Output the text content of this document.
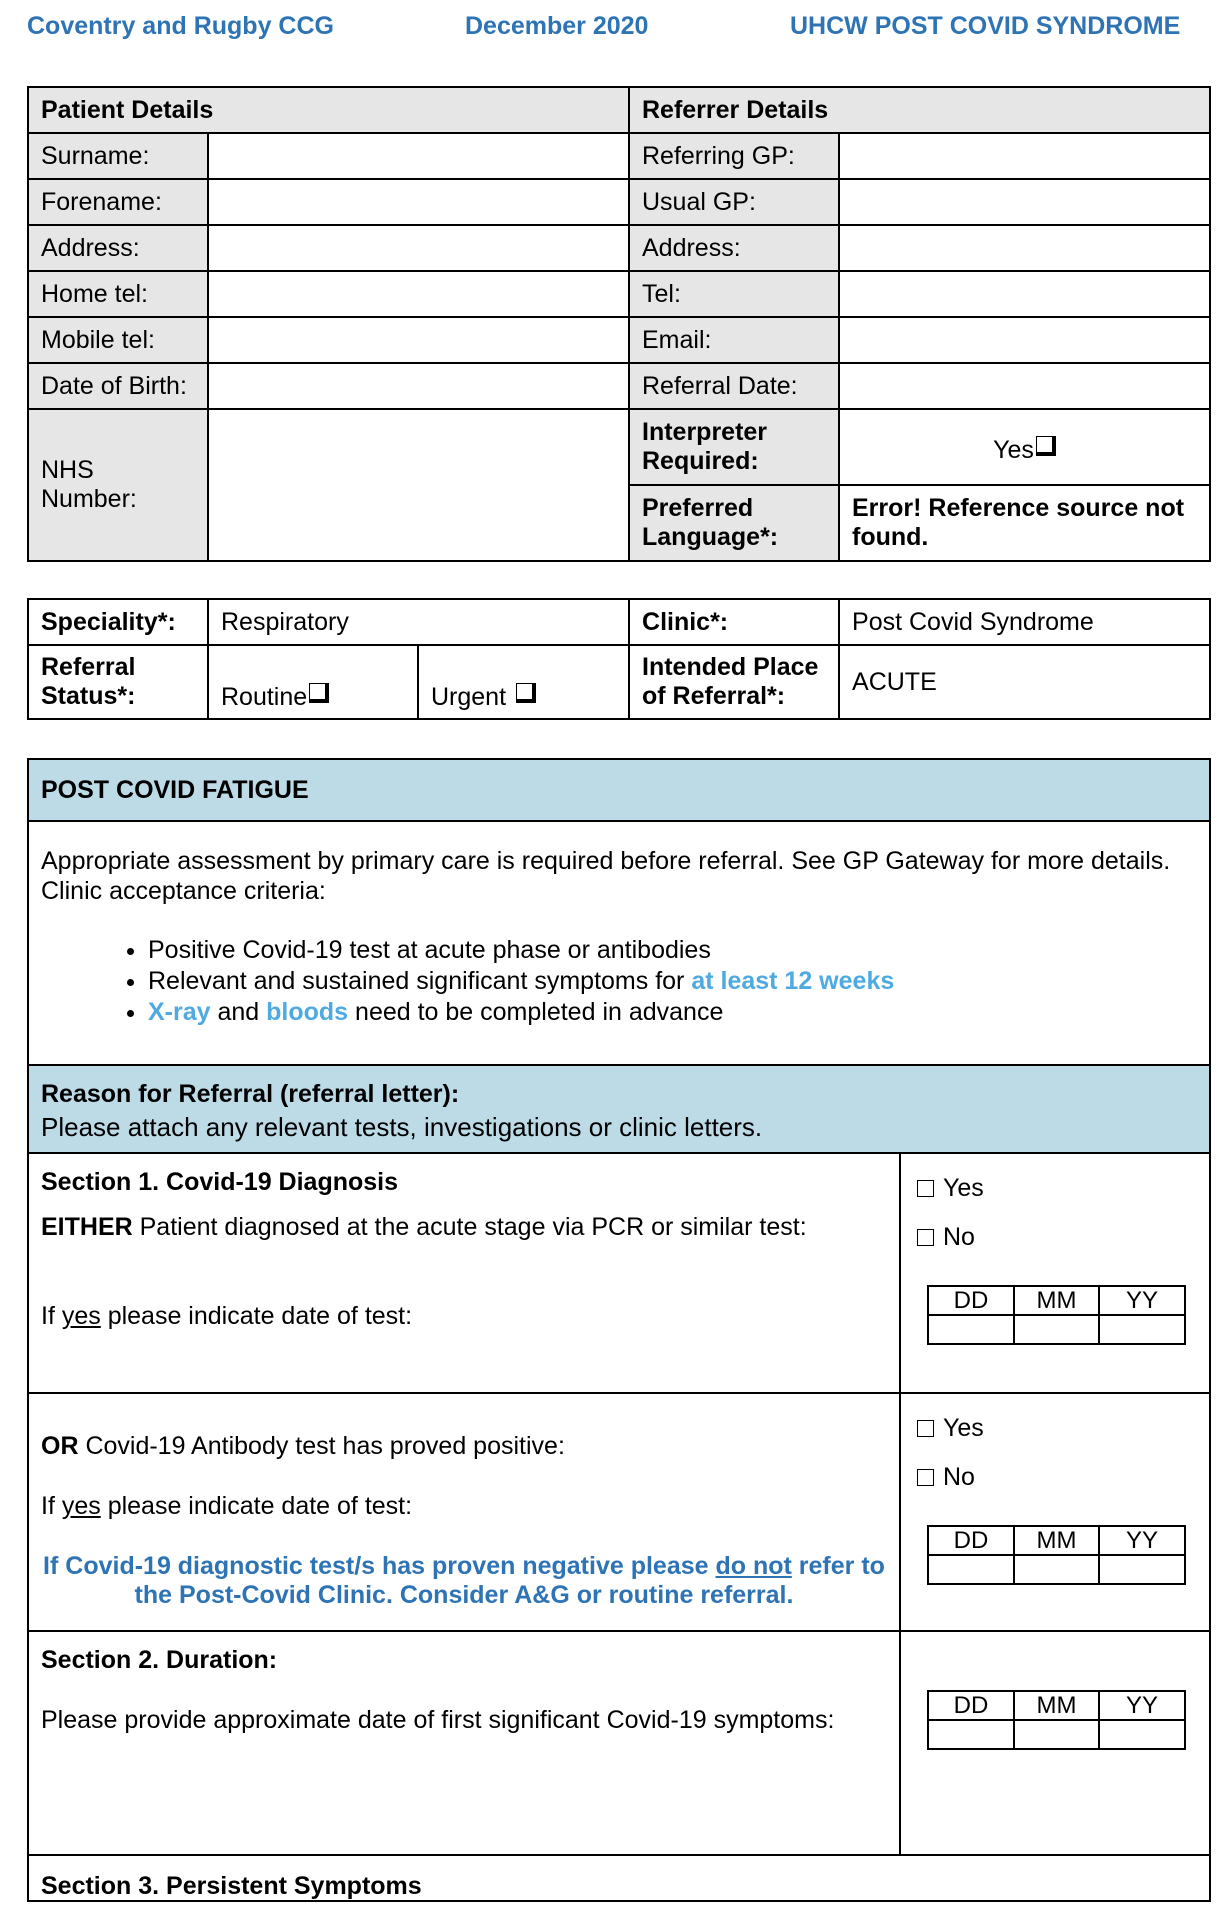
Coventry and Rugby CCG	December 2020	UHCW POST COVID SYNDROME
Patient Details		Referrer Details	
Surname:		Referring GP:	
Forename:		Usual GP:	
Address:		Address:	
Home tel:		Tel:	
Mobile tel:		Email:	
Date of Birth:		Referral Date:	

NHS Number:		Interpreter Required:	Yes
		Preferred Language*:	Error! Reference source not found.
Speciality*:	Respiratory		Clinic*:	Post Covid Syndrome
Referral Status*:	Routine	Urgent	Intended Place of Referral*:	ACUTE
POST COVID FATIGUE

Appropriate assessment by primary care is required before referral. See GP Gateway for more details. Clinic acceptance criteria:
• Positive Covid-19 test at acute phase or antibodies
• Relevant and sustained significant symptoms for at least 12 weeks
• X-ray and bloods need to be completed in advance

Reason for Referral (referral letter):
Please attach any relevant tests, investigations or clinic letters.

Section 1. Covid-19 Diagnosis
EITHER Patient diagnosed at the acute stage via PCR or similar test:
If yes please indicate date of test:

Yes
No
DD	MM	YY

OR Covid-19 Antibody test has proved positive:
If yes please indicate date of test:
If Covid-19 diagnostic test/s has proven negative please do not refer to the Post-Covid Clinic. Consider A&G or routine referral.

Yes
No
DD	MM	YY

Section 2. Duration:
Please provide approximate date of first significant Covid-19 symptoms:

DD	MM	YY

Section 3. Persistent Symptoms
